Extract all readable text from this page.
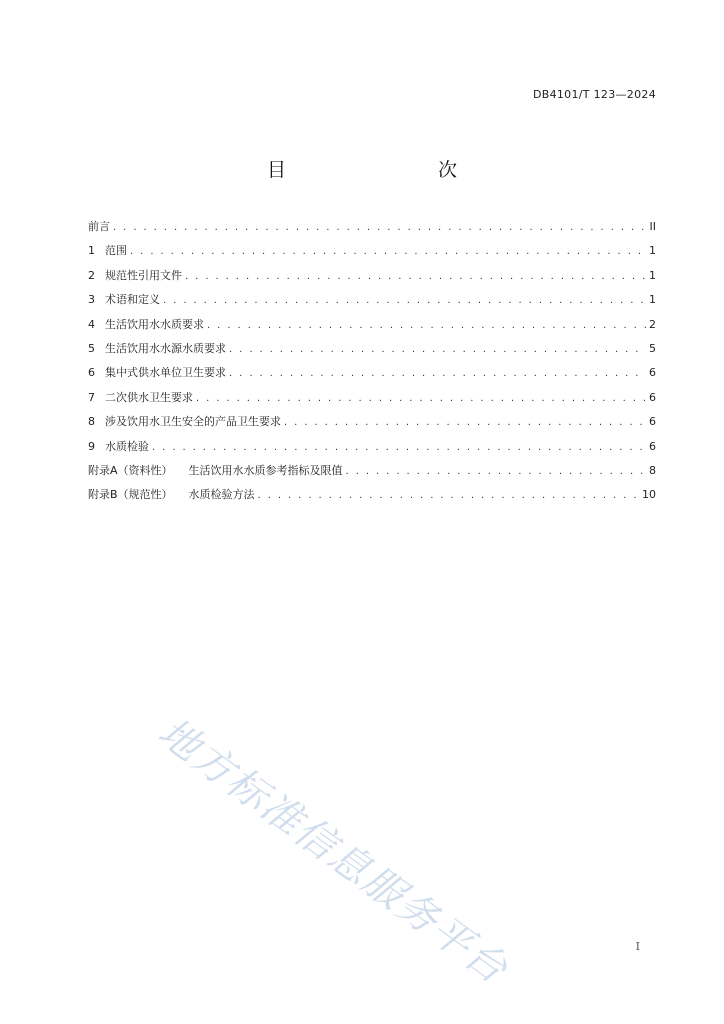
DB4101/T 123—2024
目　　次
前言 . . .	II
1 范围 . . .	1
2 规范性引用文件 . . .	1
3 术语和定义 . . .	1
4 生活饮用水水质要求 . . .	2
5 生活饮用水水源水质要求 . . .	5
6 集中式供水单位卫生要求 . . .	6
7 二次供水卫生要求 . . .	6
8 涉及饮用水卫生安全的产品卫生要求 . . .	6
9 水质检验 . . .	6
附录A（资料性） 生活饮用水水质参考指标及限值 . . .	8
附录B（规范性） 水质检验方法 . . .	10
地方标准信息服务平台	I
